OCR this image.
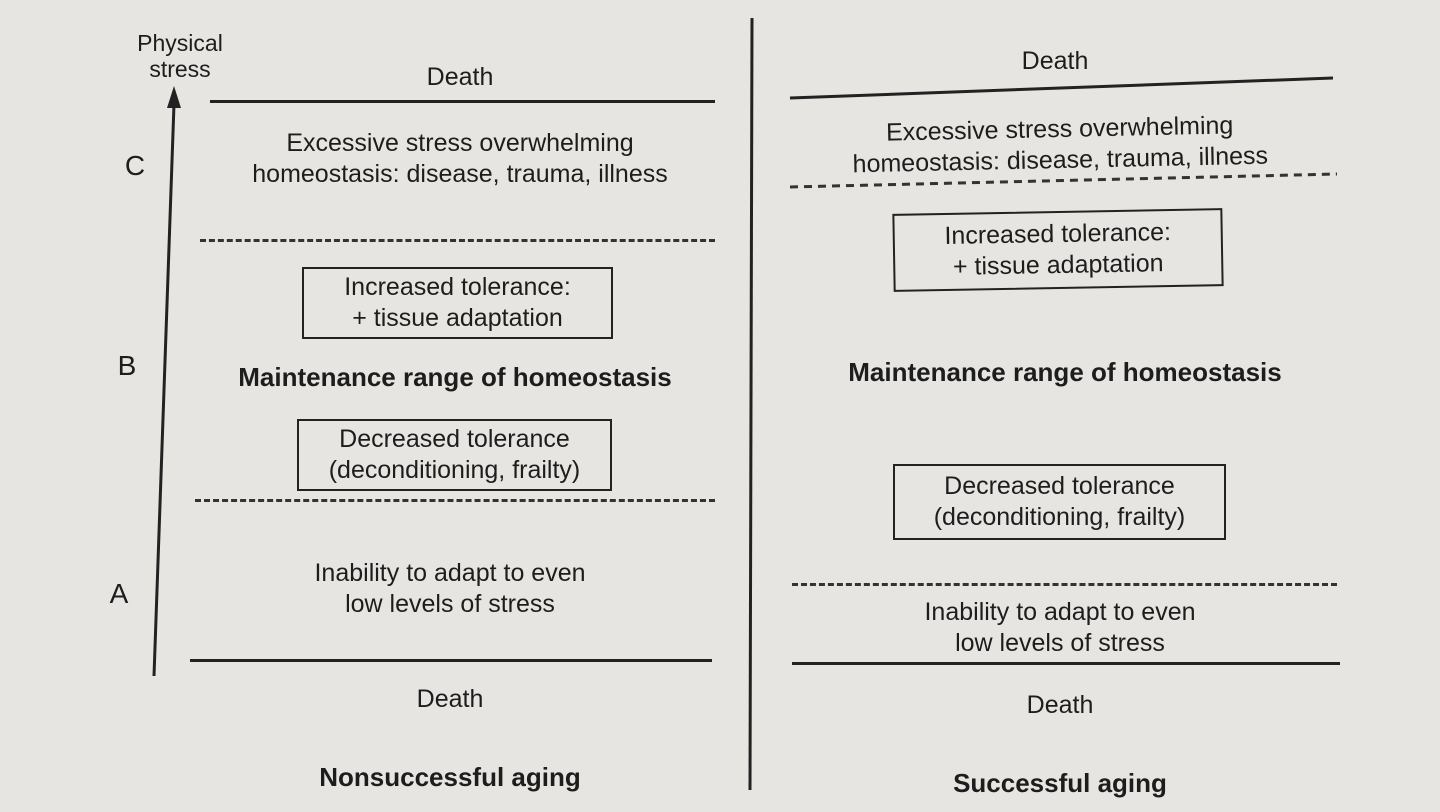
Physical
stress
C
B
A
Death
Excessive stress overwhelming
homeostasis: disease, trauma, illness
Increased tolerance:
+ tissue adaptation
Maintenance range of homeostasis
Decreased tolerance
(deconditioning, frailty)
Inability to adapt to even
low levels of stress
Death
Nonsuccessful aging
Death
Excessive stress overwhelming
homeostasis: disease, trauma, illness
Increased tolerance:
+ tissue adaptation
Maintenance range of homeostasis
Decreased tolerance
(deconditioning, frailty)
Inability to adapt to even
low levels of stress
Death
Successful aging
